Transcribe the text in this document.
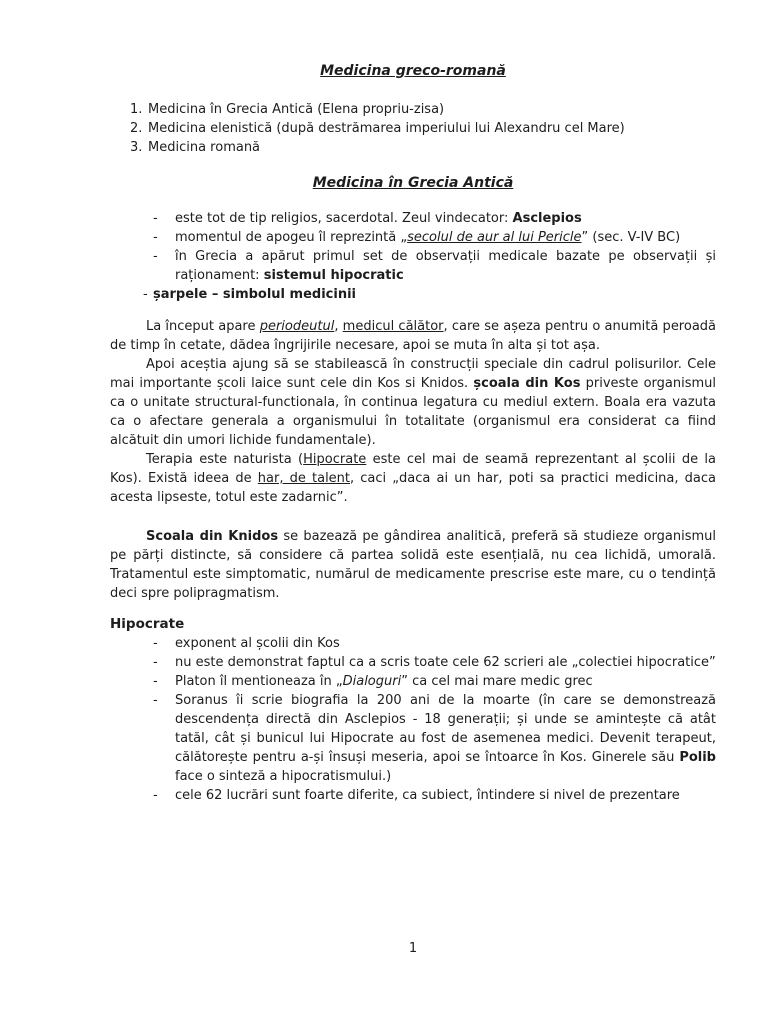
Medicina greco-romană
1. Medicina în Grecia Antică (Elena propriu-zisa)
2. Medicina elenistică (după destrămarea imperiului lui Alexandru cel Mare)
3. Medicina romană
Medicina în Grecia Antică
-	este tot de tip religios, sacerdotal. Zeul vindecator: Asclepios
-	momentul de apogeu îl reprezintă „secolul de aur al lui Pericle” (sec. V-IV BC)
-	în Grecia a apărut primul set de observații medicale bazate pe observații și raționament: sistemul hipocratic
- șarpele – simbolul medicinii

La început apare periodeutul, medicul călător, care se așeza pentru o anumită peroadă de timp în cetate, dădea îngrijirile necesare, apoi se muta în alta și tot așa.

Apoi aceștia ajung să se stabilească în construcții speciale din cadrul polisurilor. Cele mai importante școli laice sunt cele din Kos si Knidos. școala din Kos priveste organismul ca o unitate structural-functionala, în continua legatura cu mediul extern. Boala era vazuta ca o afectare generala a organismului în totalitate (organismul era considerat ca fiind alcătuit din umori lichide fundamentale).

Terapia este naturista (Hipocrate este cel mai de seamă reprezentant al școlii de la Kos). Există ideea de har, de talent, caci „daca ai un har, poti sa practici medicina, daca acesta lipseste, totul este zadarnic”.

Scoala din Knidos se bazează pe gândirea analitică, preferă să studieze organismul pe părți distincte, să considere că partea solidă este esențială, nu cea lichidă, umorală. Tratamentul este simptomatic, numărul de medicamente prescrise este mare, cu o tendință deci spre polipragmatism.

Hipocrate
-	exponent al școlii din Kos
-	nu este demonstrat faptul ca a scris toate cele 62 scrieri ale „colectiei hipocratice”
-	Platon îl mentioneaza în „Dialoguri” ca cel mai mare medic grec
-	Soranus îi scrie biografia la 200 ani de la moarte (în care se demonstrează descendența directă din Asclepios - 18 generații; și unde se amintește că atât tatăl, cât și bunicul lui Hipocrate au fost de asemenea medici. Devenit terapeut, călătorește pentru a-și însuși meseria, apoi se întoarce în Kos. Ginerele său Polib face o sinteză a hipocratismului.)
-	cele 62 lucrări sunt foarte diferite, ca subiect, întindere si nivel de prezentare
1
